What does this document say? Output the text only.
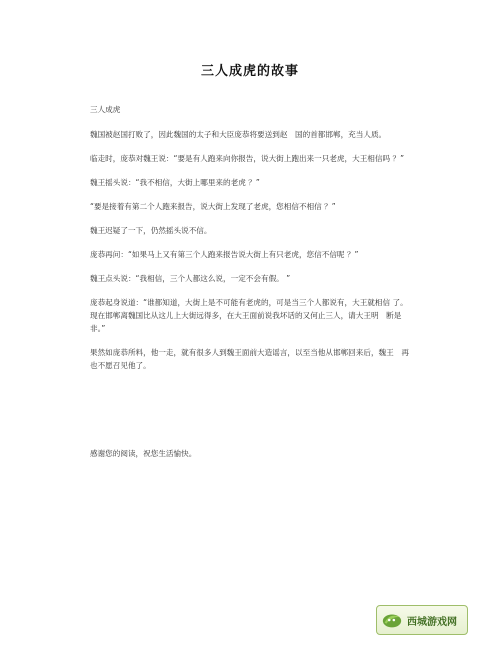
三人成虎的故事

三人成虎

魏国被赵国打败了，因此魏国的太子和大臣庞恭将要送到赵　国的首都邯郸，充当人质。

临走时，庞恭对魏王说：“要是有人跑来向你报告，说大街上跑出来一只老虎，大王相信吗 ？”

魏王摇头说：“我不相信，大街上哪里来的老虎 ？”

“要是接着有第二个人跑来报告，说大街上发现了老虎，您相信不相信 ？”

魏王迟疑了一下，仍然摇头说不信。

庞恭再问：“如果马上又有第三个人跑来报告说大街上有只老虎，您信不信呢 ？”

魏王点头说：“我相信，三个人都这么说，一定不会有假。 ”

庞恭起身说道：“谁都知道，大街上是不可能有老虎的，可是当三个人都说有，大王就相信 了。现在邯郸离魏国比从这儿上大街远得多，在大王面前说我坏话的又何止三人，请大王明　断是非。”

果然如庞恭所料，他一走，就有很多人到魏王面前大造谣言，以至当他从邯郸回来后，魏王　再也不愿召见他了。

感谢您的阅读，祝您生活愉快。
西城游戏网
